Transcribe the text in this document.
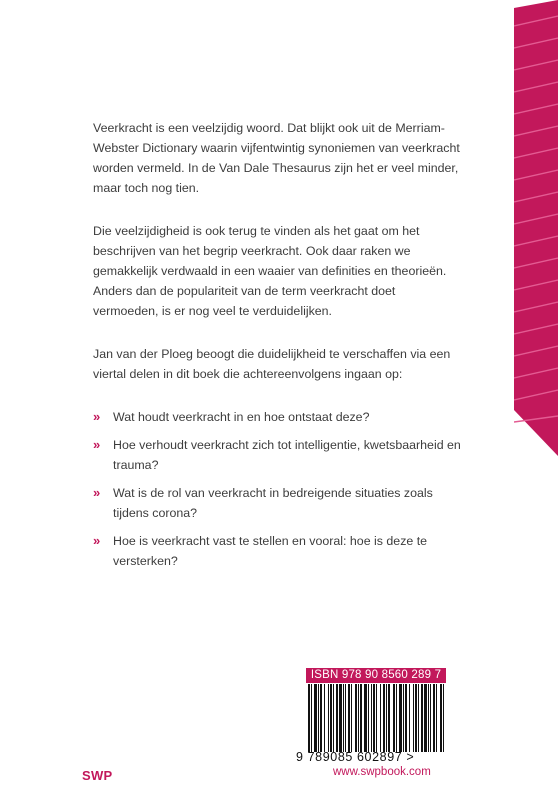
Veerkracht is een veelzijdig woord. Dat blijkt ook uit de Merriam-Webster Dictionary waarin vijfentwintig synoniemen van veerkracht worden vermeld. In de Van Dale Thesaurus zijn het er veel minder, maar toch nog tien.

Die veelzijdigheid is ook terug te vinden als het gaat om het beschrijven van het begrip veerkracht. Ook daar raken we gemakkelijk verdwaald in een waaier van definities en theorieën. Anders dan de populariteit van de term veerkracht doet vermoeden, is er nog veel te verduidelijken.

Jan van der Ploeg beoogt die duidelijkheid te verschaffen via een viertal delen in dit boek die achtereenvolgens ingaan op:

» Wat houdt veerkracht in en hoe ontstaat deze?
» Hoe verhoudt veerkracht zich tot intelligentie, kwetsbaarheid en trauma?
» Wat is de rol van veerkracht in bedreigende situaties zoals tijdens corona?
» Hoe is veerkracht vast te stellen en vooral: hoe is deze te versterken?
ISBN 978 90 8560 289 7
9 789085 602897 >
www.swpbook.com
SWP
